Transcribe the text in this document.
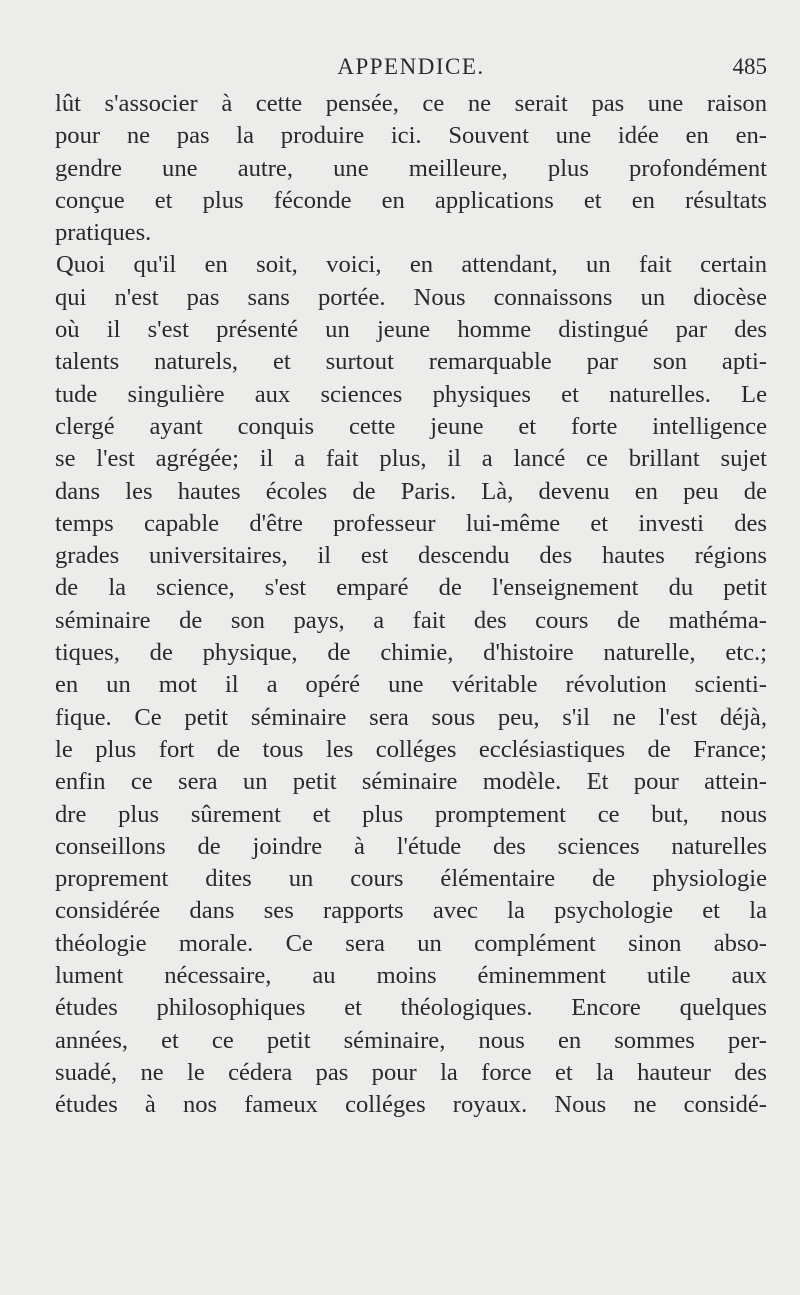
APPENDICE.	485
lût s'associer à cette pensée, ce ne serait pas une raison
pour ne pas la produire ici. Souvent une idée en en-
gendre une autre, une meilleure, plus profondément
conçue et plus féconde en applications et en résultats
pratiques.
Quoi qu'il en soit, voici, en attendant, un fait certain
qui n'est pas sans portée. Nous connaissons un diocèse
où il s'est présenté un jeune homme distingué par des
talents naturels, et surtout remarquable par son apti-
tude singulière aux sciences physiques et naturelles. Le
clergé ayant conquis cette jeune et forte intelligence
se l'est agrégée; il a fait plus, il a lancé ce brillant sujet
dans les hautes écoles de Paris. Là, devenu en peu de
temps capable d'être professeur lui-même et investi des
grades universitaires, il est descendu des hautes régions
de la science, s'est emparé de l'enseignement du petit
séminaire de son pays, a fait des cours de mathéma-
tiques, de physique, de chimie, d'histoire naturelle, etc.;
en un mot il a opéré une véritable révolution scienti-
fique. Ce petit séminaire sera sous peu, s'il ne l'est déjà,
le plus fort de tous les colléges ecclésiastiques de France;
enfin ce sera un petit séminaire modèle. Et pour attein-
dre plus sûrement et plus promptement ce but, nous
conseillons de joindre à l'étude des sciences naturelles
proprement dites un cours élémentaire de physiologie
considérée dans ses rapports avec la psychologie et la
théologie morale. Ce sera un complément sinon abso-
lument nécessaire, au moins éminemment utile aux
études philosophiques et théologiques. Encore quelques
années, et ce petit séminaire, nous en sommes per-
suadé, ne le cédera pas pour la force et la hauteur des
études à nos fameux colléges royaux. Nous ne considé-
